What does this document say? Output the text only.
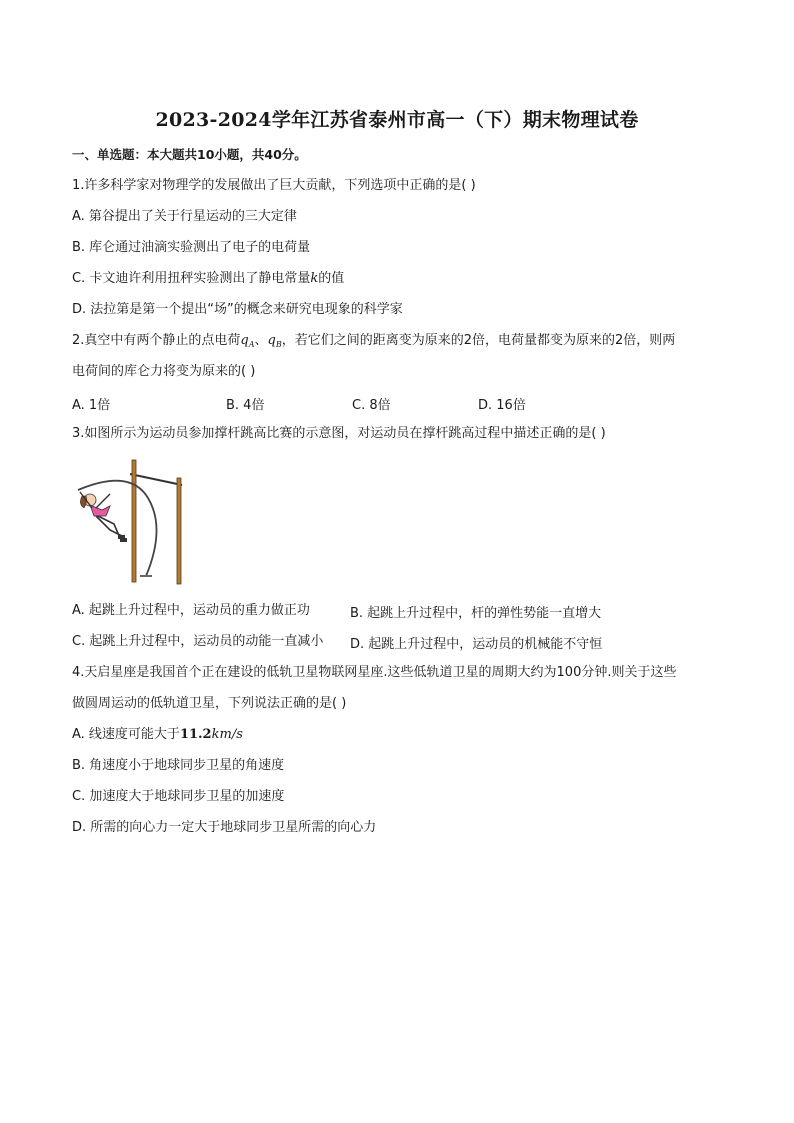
2023-2024学年江苏省泰州市高一（下）期末物理试卷
一、单选题：本大题共10小题，共40分。
1.许多科学家对物理学的发展做出了巨大贡献，下列选项中正确的是( )
A. 第谷提出了关于行星运动的三大定律
B. 库仑通过油滴实验测出了电子的电荷量
C. 卡文迪许利用扭秤实验测出了静电常量k的值
D. 法拉第是第一个提出“场”的概念来研究电现象的科学家
2.真空中有两个静止的点电荷$q_A$、$q_B$，若它们之间的距离变为原来的2倍，电荷量都变为原来的2倍，则两
电荷间的库仑力将变为原来的( )
A. 1倍	B. 4倍	C. 8倍	D. 16倍
3.如图所示为运动员参加撑杆跳高比赛的示意图，对运动员在撑杆跳高过程中描述正确的是( )
A. 起跳上升过程中，运动员的重力做正功	B. 起跳上升过程中，杆的弹性势能一直增大
C. 起跳上升过程中，运动员的动能一直减小 D. 起跳上升过程中，运动员的机械能不守恒
4.天启星座是我国首个正在建设的低轨卫星物联网星座.这些低轨道卫星的周期大约为100分钟.则关于这些
做圆周运动的低轨道卫星，下列说法正确的是( )
A. 线速度可能大于11.2km/s
B. 角速度小于地球同步卫星的角速度
C. 加速度大于地球同步卫星的加速度
D. 所需的向心力一定大于地球同步卫星所需的向心力
